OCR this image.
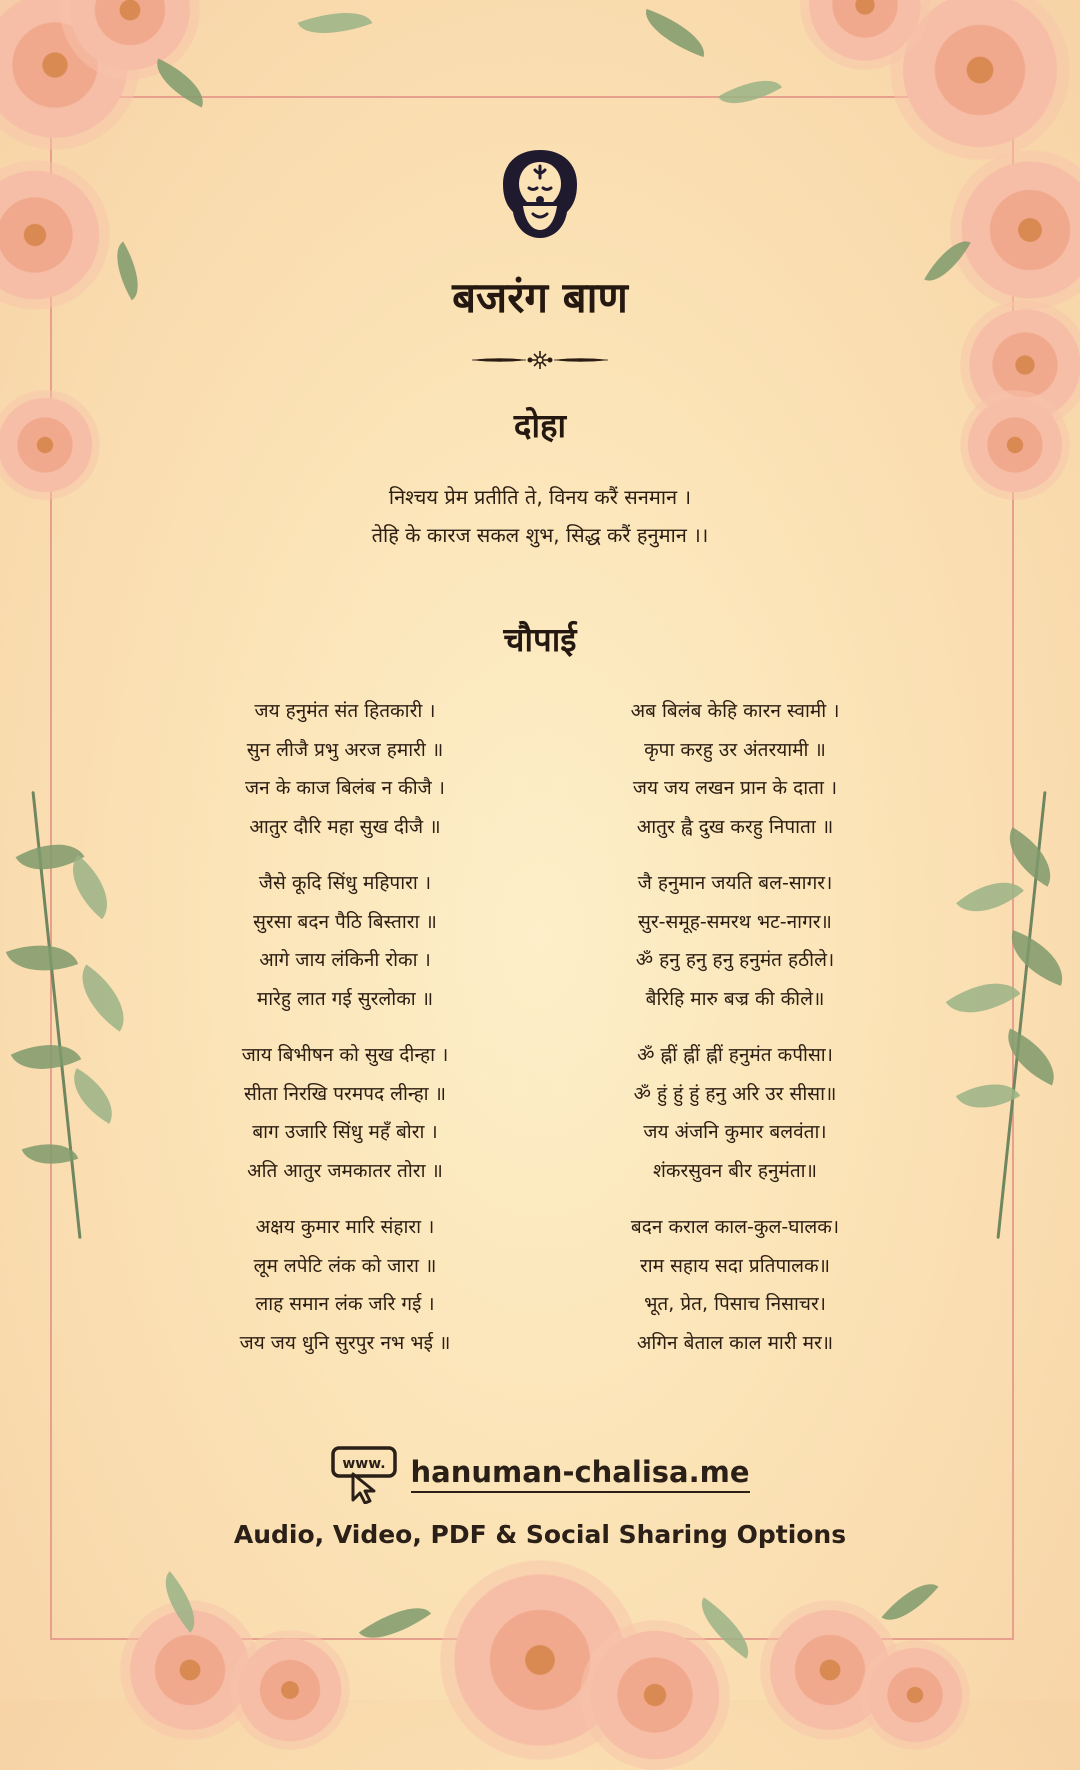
बजरंग बाण
दोहा
निश्चय प्रेम प्रतीति ते, विनय करैं सनमान ।
तेहि के कारज सकल शुभ, सिद्ध करैं हनुमान ।।
चौपाई
जय हनुमंत संत हितकारी ।
सुन लीजै प्रभु अरज हमारी ॥
जन के काज बिलंब न कीजै ।
आतुर दौरि महा सुख दीजै ॥
अब बिलंब केहि कारन स्वामी ।
कृपा करहु उर अंतरयामी ॥
जय जय लखन प्रान के दाता ।
आतुर ह्वै दुख करहु निपाता ॥
जैसे कूदि सिंधु महिपारा ।
सुरसा बदन पैठि बिस्तारा ॥
आगे जाय लंकिनी रोका ।
मारेहु लात गई सुरलोका ॥
जै हनुमान जयति बल-सागर।
सुर-समूह-समरथ भट-नागर॥
ॐ हनु हनु हनु हनुमंत हठीले।
बैरिहि मारु बज्र की कीले॥
जाय बिभीषन को सुख दीन्हा ।
सीता निरखि परमपद लीन्हा ॥
बाग उजारि सिंधु महँ बोरा ।
अति आतुर जमकातर तोरा ॥
ॐ ह्नीं ह्नीं ह्नीं हनुमंत कपीसा।
ॐ हुं हुं हुं हनु अरि उर सीसा॥
जय अंजनि कुमार बलवंता।
शंकरसुवन बीर हनुमंता॥
अक्षय कुमार मारि संहारा ।
लूम लपेटि लंक को जारा ॥
लाह समान लंक जरि गई ।
जय जय धुनि सुरपुर नभ भई ॥
बदन कराल काल-कुल-घालक।
राम सहाय सदा प्रतिपालक॥
भूत, प्रेत, पिसाच निसाचर।
अगिन बेताल काल मारी मर॥
www. hanuman-chalisa.me
Audio, Video, PDF & Social Sharing Options
